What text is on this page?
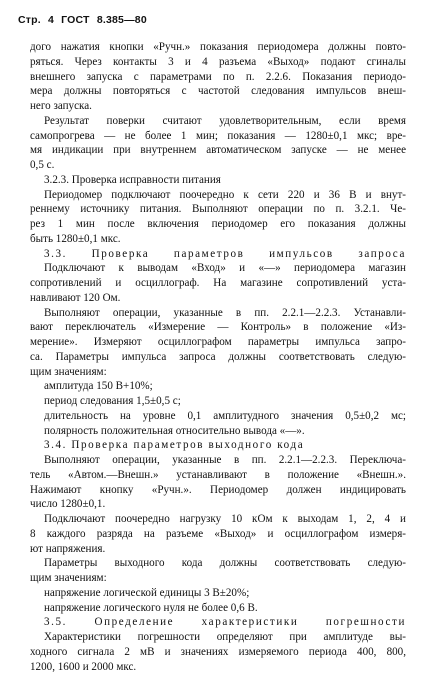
Стр. 4 ГОСТ 8.385—80
дого нажатия кнопки «Ручн.» показания периодомера должны повто-
ряться. Через контакты 3 и 4 разъема «Выход» подают сгиналы
внешнего запуска с параметрами по п. 2.2.6. Показания периодо-
мера должны повторяться с частотой следования импульсов внеш-
него запуска.
Результат поверки считают удовлетворительным, если время
самопрогрева — не более 1 мин; показания — 1280±0,1 мкс; вре-
мя индикации при внутреннем автоматическом запуске — не менее
0,5 с.
3.2.3. Проверка исправности питания
Периодомер подключают поочередно к сети 220 и 36 В и внут-
реннему источнику питания. Выполняют операции по п. 3.2.1. Че-
рез 1 мин после включения периодомер его показания должны
быть 1280±0,1 мкс.
3.3. Проверка параметров импульсов запроса
Подключают к выводам «Вход» и «—» периодомера магазин
сопротивлений и осциллограф. На магазине сопротивлений уста-
навливают 120 Ом.
Выполняют операции, указанные в пп. 2.2.1—2.2.3. Устанавли-
вают переключатель «Измерение — Контроль» в положение «Из-
мерение». Измеряют осциллографом параметры импульса запро-
са. Параметры импульса запроса должны соответствовать следую-
щим значениям:
амплитуда 150 В+10%;
период следования 1,5±0,5 с;
длительность на уровне 0,1 амплитудного значения 0,5±0,2 мс;
полярность положительная относительно вывода «—».
3.4. Проверка параметров выходного кода
Выполняют операции, указанные в пп. 2.2.1—2.2.3. Переключа-
тель «Автом.—Внешн.» устанавливают в положение «Внешн.».
Нажимают кнопку «Ручн.». Периодомер должен индицировать
число 1280±0,1.
Подключают поочередно нагрузку 10 кОм к выходам 1, 2, 4 и
8 каждого разряда на разъеме «Выход» и осциллографом измеря-
ют напряжения.
Параметры выходного кода должны соответствовать следую-
щим значениям:
напряжение логической единицы 3 В±20%;
напряжение логического нуля не более 0,6 В.
3.5. Определение характеристики погрешности
Характеристики погрешности определяют при амплитуде вы-
ходного сигнала 2 мВ и значениях измеряемого периода 400, 800,
1200, 1600 и 2000 мкс.
